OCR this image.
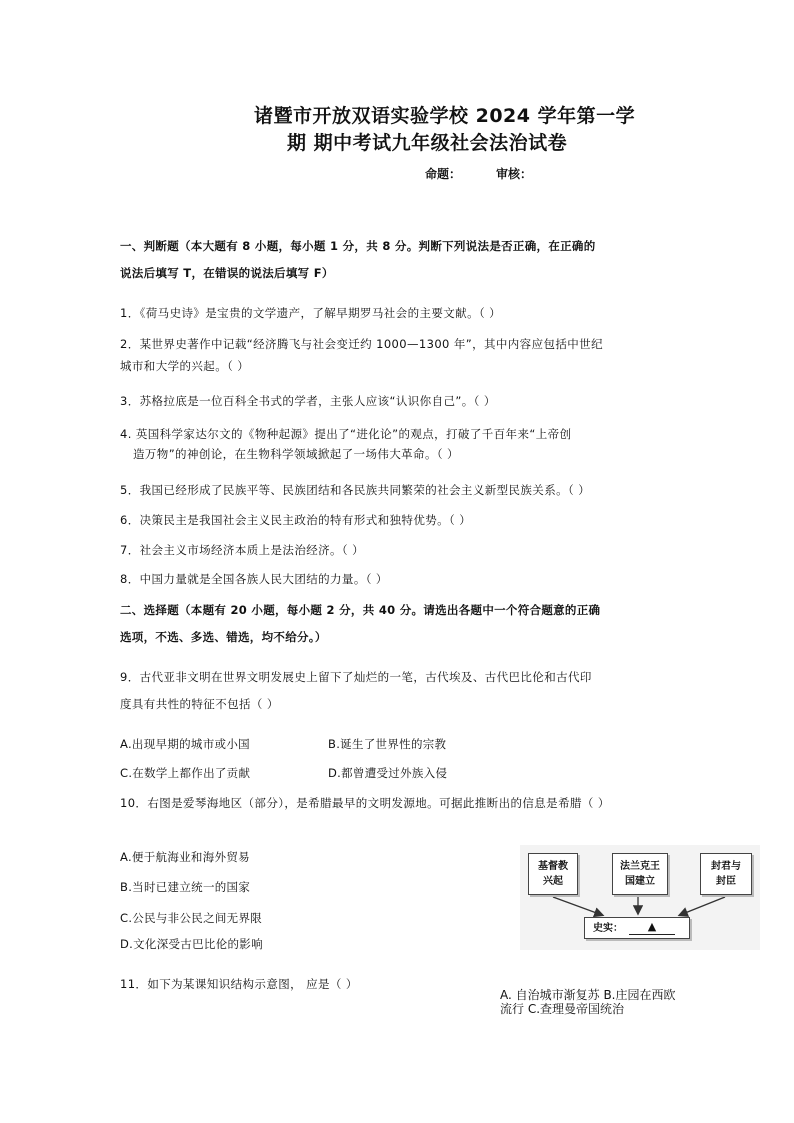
诸暨市开放双语实验学校 2024 学年第一学
期 期中考试九年级社会法治试卷
命题：	审核：
一、判断题（本大题有 8 小题，每小题 1 分，共 8 分。判断下列说法是否正确，在正确的
说法后填写 T，在错误的说法后填写 F）
1．《荷马史诗》是宝贵的文学遗产，了解早期罗马社会的主要文献。（ ）
2．某世界史著作中记载“经济腾飞与社会变迁约 1000—1300 年”，其中内容应包括中世纪
城市和大学的兴起。（ ）
3．苏格拉底是一位百科全书式的学者，主张人应该“认识你自己”。（ ）
4. 英国科学家达尔文的《物种起源》提出了“进化论”的观点，打破了千百年来“上帝创
造万物”的神创论，在生物科学领域掀起了一场伟大革命。（ ）
5．我国已经形成了民族平等、民族团结和各民族共同繁荣的社会主义新型民族关系。（ ）
6．决策民主是我国社会主义民主政治的特有形式和独特优势。（ ）
7．社会主义市场经济本质上是法治经济。（ ）
8．中国力量就是全国各族人民大团结的力量。（ ）
二、选择题（本题有 20 小题，每小题 2 分，共 40 分。请选出各题中一个符合题意的正确
选项，不选、多选、错选，均不给分。）
9．古代亚非文明在世界文明发展史上留下了灿烂的一笔，古代埃及、古代巴比伦和古代印
度具有共性的特征不包括（ ）
A.出现早期的城市或小国	B.诞生了世界性的宗教
C.在数学上都作出了贡献	D.都曾遭受过外族入侵
10．右图是爱琴海地区（部分），是希腊最早的文明发源地。可据此推断出的信息是希腊（ ）
A.便于航海业和海外贸易
B.当时已建立统一的国家
C.公民与非公民之间无界限
D.文化深受古巴比伦的影响
基督教
兴起
法兰克王
国建立
封君与
封臣
史实：	▲
11．如下为某课知识结构示意图， 应是（ ）
A. 自治城市渐复苏 B.庄园在西欧流行 C.查理曼帝国统治
